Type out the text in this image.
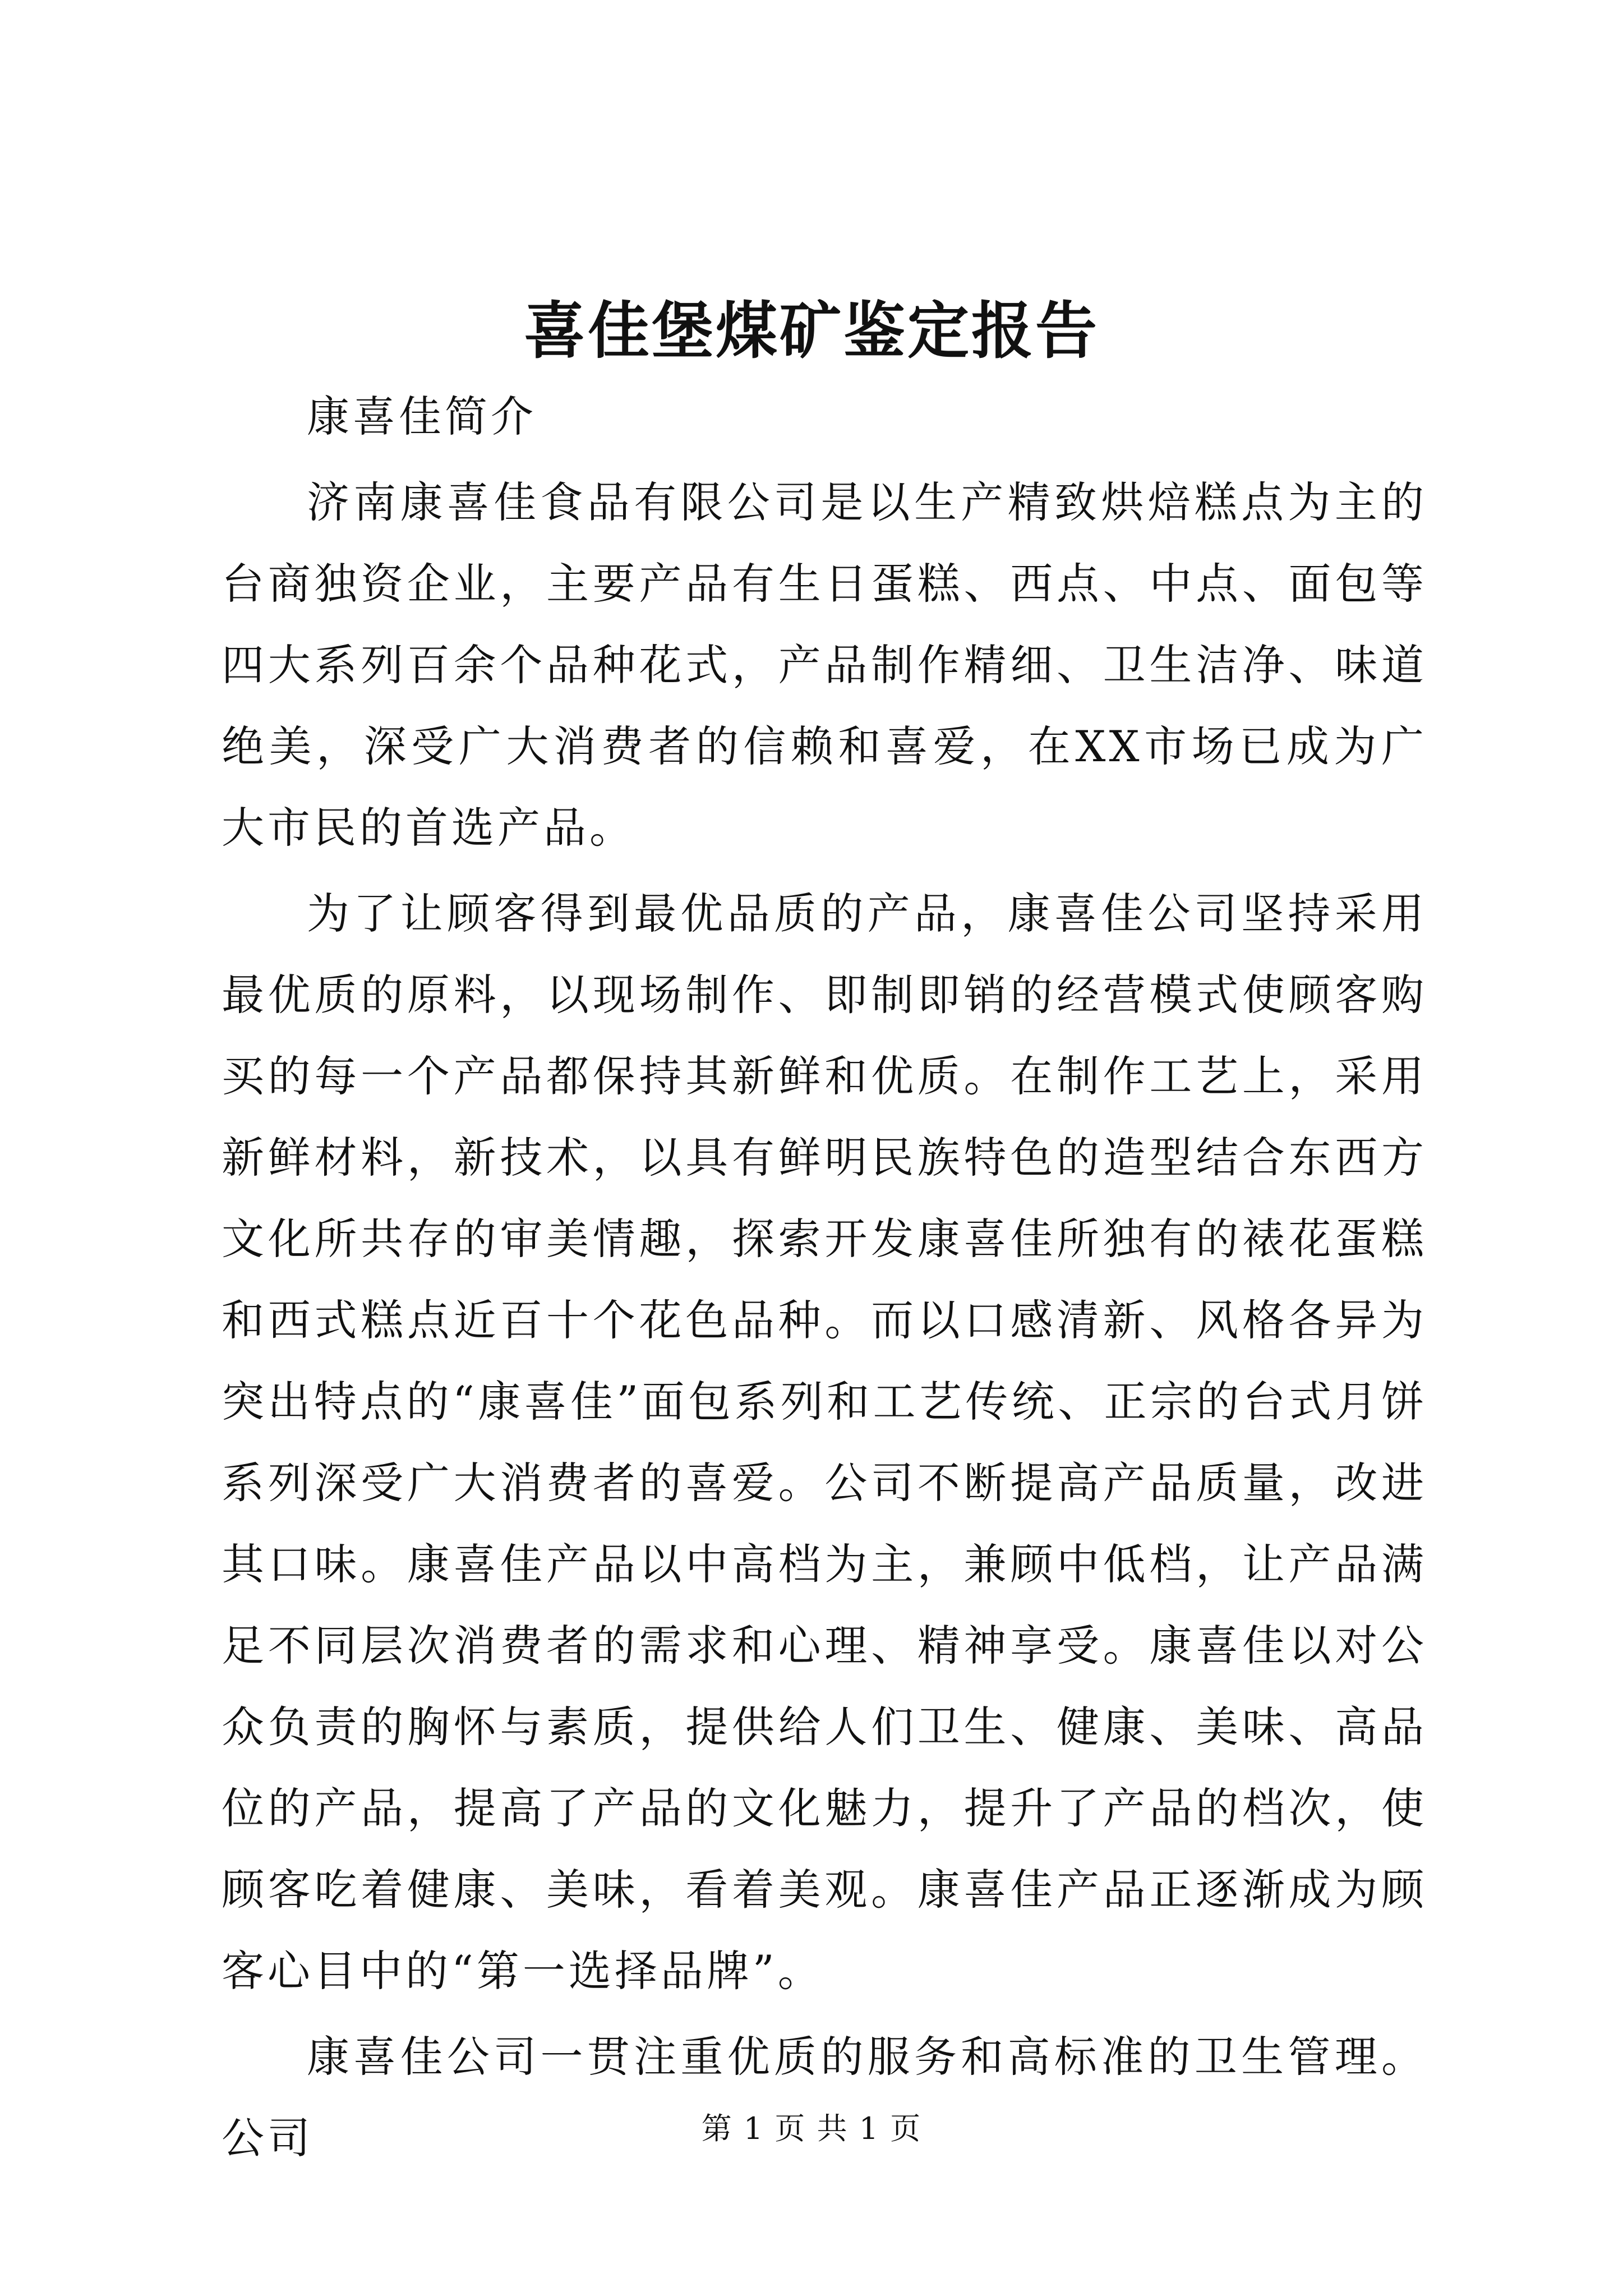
喜佳堡煤矿鉴定报告

康喜佳简介

济南康喜佳食品有限公司是以生产精致烘焙糕点为主的台商独资企业，主要产品有生日蛋糕、西点、中点、面包等四大系列百余个品种花式，产品制作精细、卫生洁净、味道绝美，深受广大消费者的信赖和喜爱，在XX市场已成为广大市民的首选产品。

为了让顾客得到最优品质的产品，康喜佳公司坚持采用最优质的原料，以现场制作、即制即销的经营模式使顾客购买的每一个产品都保持其新鲜和优质。在制作工艺上，采用新鲜材料，新技术，以具有鲜明民族特色的造型结合东西方文化所共存的审美情趣，探索开发康喜佳所独有的裱花蛋糕和西式糕点近百十个花色品种。而以口感清新、风格各异为突出特点的“康喜佳”面包系列和工艺传统、正宗的台式月饼系列深受广大消费者的喜爱。公司不断提高产品质量，改进其口味。康喜佳产品以中高档为主，兼顾中低档，让产品满足不同层次消费者的需求和心理、精神享受。康喜佳以对公众负责的胸怀与素质，提供给人们卫生、健康、美味、高品位的产品，提高了产品的文化魅力，提升了产品的档次，使顾客吃着健康、美味，看着美观。康喜佳产品正逐渐成为顾客心目中的“第一选择品牌”。

康喜佳公司一贯注重优质的服务和高标准的卫生管理。公司	第 1 页 共 1 页
